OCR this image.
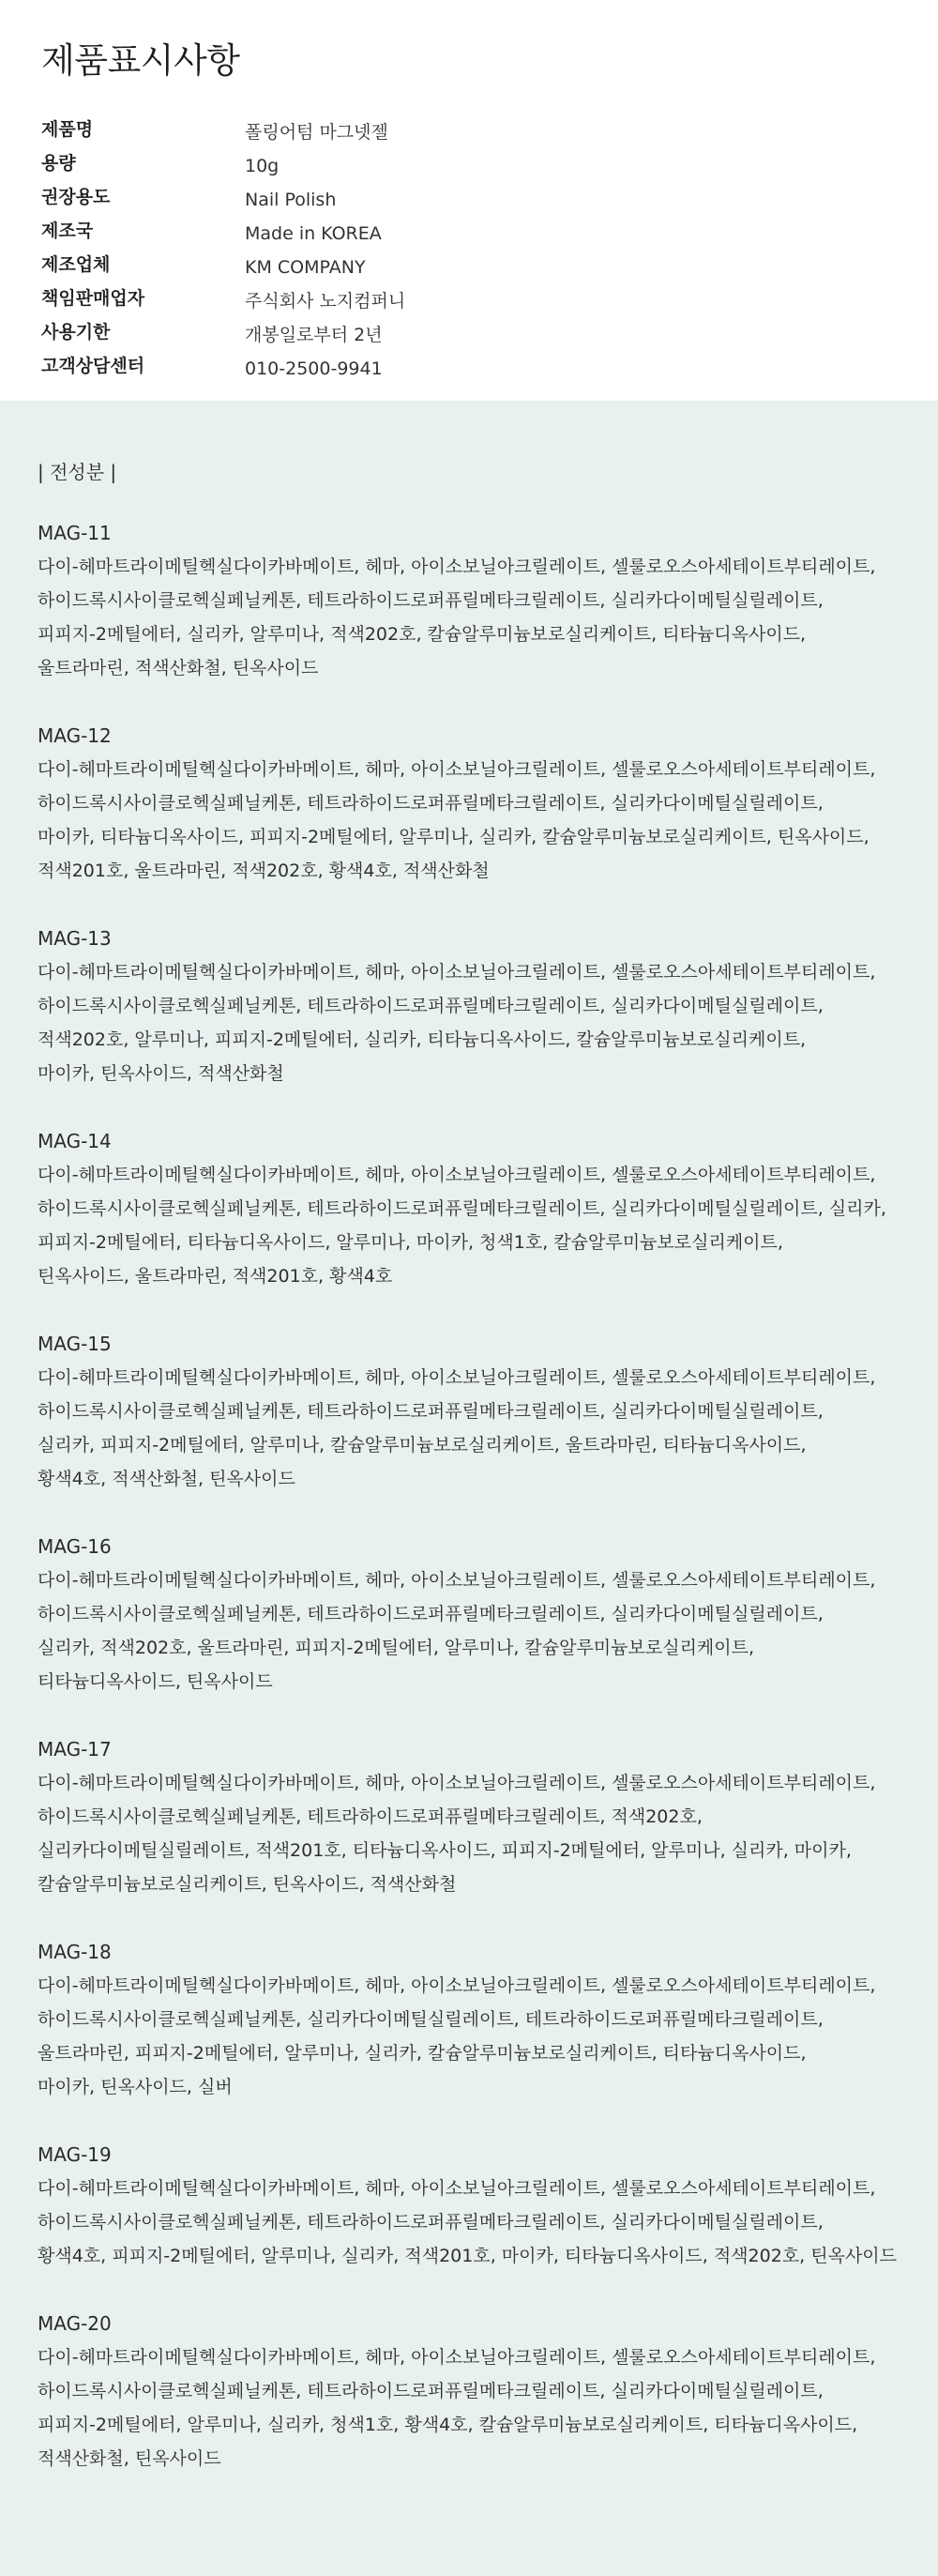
제품표시사항
제품명	폴링어텀 마그넷젤
용량	10g
권장용도	Nail Polish
제조국	Made in KOREA
제조업체	KM COMPANY
책임판매업자	주식회사 노지컴퍼니
사용기한	개봉일로부터 2년
고객상담센터	010-2500-9941
| 전성분 |
MAG-11
다이-헤마트라이메틸헥실다이카바메이트, 헤마, 아이소보닐아크릴레이트, 셀룰로오스아세테이트부티레이트,
하이드록시사이클로헥실페닐케톤, 테트라하이드로퍼퓨릴메타크릴레이트, 실리카다이메틸실릴레이트,
피피지-2메틸에터, 실리카, 알루미나, 적색202호, 칼슘알루미늄보로실리케이트, 티타늄디옥사이드,
울트라마린, 적색산화철, 틴옥사이드
MAG-12
다이-헤마트라이메틸헥실다이카바메이트, 헤마, 아이소보닐아크릴레이트, 셀룰로오스아세테이트부티레이트,
하이드록시사이클로헥실페닐케톤, 테트라하이드로퍼퓨릴메타크릴레이트, 실리카다이메틸실릴레이트,
마이카, 티타늄디옥사이드, 피피지-2메틸에터, 알루미나, 실리카, 칼슘알루미늄보로실리케이트, 틴옥사이드,
적색201호, 울트라마린, 적색202호, 황색4호, 적색산화철
MAG-13
다이-헤마트라이메틸헥실다이카바메이트, 헤마, 아이소보닐아크릴레이트, 셀룰로오스아세테이트부티레이트,
하이드록시사이클로헥실페닐케톤, 테트라하이드로퍼퓨릴메타크릴레이트, 실리카다이메틸실릴레이트,
적색202호, 알루미나, 피피지-2메틸에터, 실리카, 티타늄디옥사이드, 칼슘알루미늄보로실리케이트,
마이카, 틴옥사이드, 적색산화철
MAG-14
다이-헤마트라이메틸헥실다이카바메이트, 헤마, 아이소보닐아크릴레이트, 셀룰로오스아세테이트부티레이트,
하이드록시사이클로헥실페닐케톤, 테트라하이드로퍼퓨릴메타크릴레이트, 실리카다이메틸실릴레이트, 실리카,
피피지-2메틸에터, 티타늄디옥사이드, 알루미나, 마이카, 청색1호, 칼슘알루미늄보로실리케이트,
틴옥사이드, 울트라마린, 적색201호, 황색4호
MAG-15
다이-헤마트라이메틸헥실다이카바메이트, 헤마, 아이소보닐아크릴레이트, 셀룰로오스아세테이트부티레이트,
하이드록시사이클로헥실페닐케톤, 테트라하이드로퍼퓨릴메타크릴레이트, 실리카다이메틸실릴레이트,
실리카, 피피지-2메틸에터, 알루미나, 칼슘알루미늄보로실리케이트, 울트라마린, 티타늄디옥사이드,
황색4호, 적색산화철, 틴옥사이드
MAG-16
다이-헤마트라이메틸헥실다이카바메이트, 헤마, 아이소보닐아크릴레이트, 셀룰로오스아세테이트부티레이트,
하이드록시사이클로헥실페닐케톤, 테트라하이드로퍼퓨릴메타크릴레이트, 실리카다이메틸실릴레이트,
실리카, 적색202호, 울트라마린, 피피지-2메틸에터, 알루미나, 칼슘알루미늄보로실리케이트,
티타늄디옥사이드, 틴옥사이드
MAG-17
다이-헤마트라이메틸헥실다이카바메이트, 헤마, 아이소보닐아크릴레이트, 셀룰로오스아세테이트부티레이트,
하이드록시사이클로헥실페닐케톤, 테트라하이드로퍼퓨릴메타크릴레이트, 적색202호,
실리카다이메틸실릴레이트, 적색201호, 티타늄디옥사이드, 피피지-2메틸에터, 알루미나, 실리카, 마이카,
칼슘알루미늄보로실리케이트, 틴옥사이드, 적색산화철
MAG-18
다이-헤마트라이메틸헥실다이카바메이트, 헤마, 아이소보닐아크릴레이트, 셀룰로오스아세테이트부티레이트,
하이드록시사이클로헥실페닐케톤, 실리카다이메틸실릴레이트, 테트라하이드로퍼퓨릴메타크릴레이트,
울트라마린, 피피지-2메틸에터, 알루미나, 실리카, 칼슘알루미늄보로실리케이트, 티타늄디옥사이드,
마이카, 틴옥사이드, 실버
MAG-19
다이-헤마트라이메틸헥실다이카바메이트, 헤마, 아이소보닐아크릴레이트, 셀룰로오스아세테이트부티레이트,
하이드록시사이클로헥실페닐케톤, 테트라하이드로퍼퓨릴메타크릴레이트, 실리카다이메틸실릴레이트,
황색4호, 피피지-2메틸에터, 알루미나, 실리카, 적색201호, 마이카, 티타늄디옥사이드, 적색202호, 틴옥사이드
MAG-20
다이-헤마트라이메틸헥실다이카바메이트, 헤마, 아이소보닐아크릴레이트, 셀룰로오스아세테이트부티레이트,
하이드록시사이클로헥실페닐케톤, 테트라하이드로퍼퓨릴메타크릴레이트, 실리카다이메틸실릴레이트,
피피지-2메틸에터, 알루미나, 실리카, 청색1호, 황색4호, 칼슘알루미늄보로실리케이트, 티타늄디옥사이드,
적색산화철, 틴옥사이드
